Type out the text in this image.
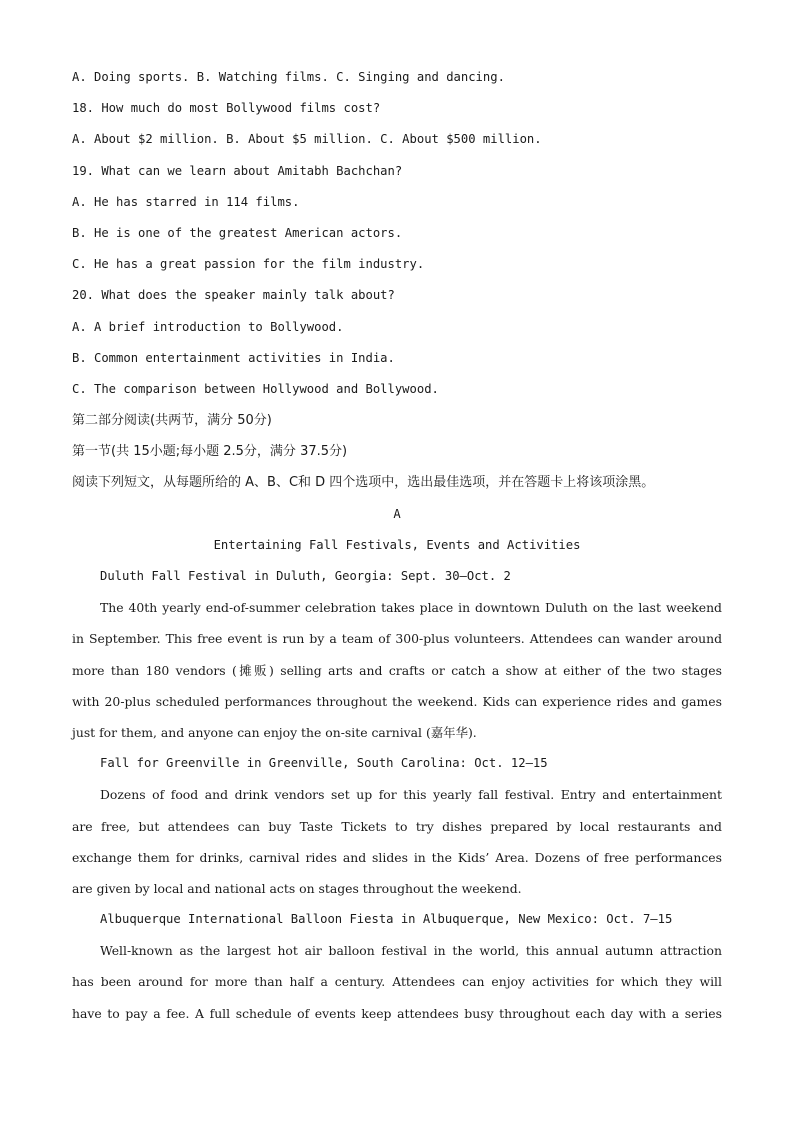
A. Doing sports. B. Watching films. C. Singing and dancing.
18. How much do most Bollywood films cost?
A. About $2 million. B. About $5 million. C. About $500 million.
19. What can we learn about Amitabh Bachchan?
A. He has starred in 114 films.
B. He is one of the greatest American actors.
C. He has a great passion for the film industry.
20. What does the speaker mainly talk about?
A. A brief introduction to Bollywood.
B. Common entertainment activities in India.
C. The comparison between Hollywood and Bollywood.
第二部分阅读(共两节，满分 50分)
第一节(共 15小题;每小题 2.5分，满分 37.5分)
阅读下列短文，从每题所给的 A、B、C和 D 四个选项中，选出最佳选项，并在答题卡上将该项涂黑。
A
Entertaining Fall Festivals, Events and Activities
Duluth Fall Festival in Duluth, Georgia: Sept. 30—Oct. 2
The 40th yearly end-of-summer celebration takes place in downtown Duluth on the last weekend
in September. This free event is run by a team of 300-plus volunteers. Attendees can wander around
more than 180 vendors (摊贩) selling arts and crafts or catch a show at either of the two stages
with 20-plus scheduled performances throughout the weekend. Kids can experience rides and games
just for them, and anyone can enjoy the on-site carnival (嘉年华).
Fall for Greenville in Greenville, South Carolina: Oct. 12—15
Dozens of food and drink vendors set up for this yearly fall festival. Entry and entertainment
are free, but attendees can buy Taste Tickets to try dishes prepared by local restaurants and
exchange them for drinks, carnival rides and slides in the Kids’ Area. Dozens of free performances
are given by local and national acts on stages throughout the weekend.
Albuquerque International Balloon Fiesta in Albuquerque, New Mexico: Oct. 7—15
Well-known as the largest hot air balloon festival in the world, this annual autumn attraction
has been around for more than half a century. Attendees can enjoy activities for which they will
have to pay a fee. A full schedule of events keep attendees busy throughout each day with a series
